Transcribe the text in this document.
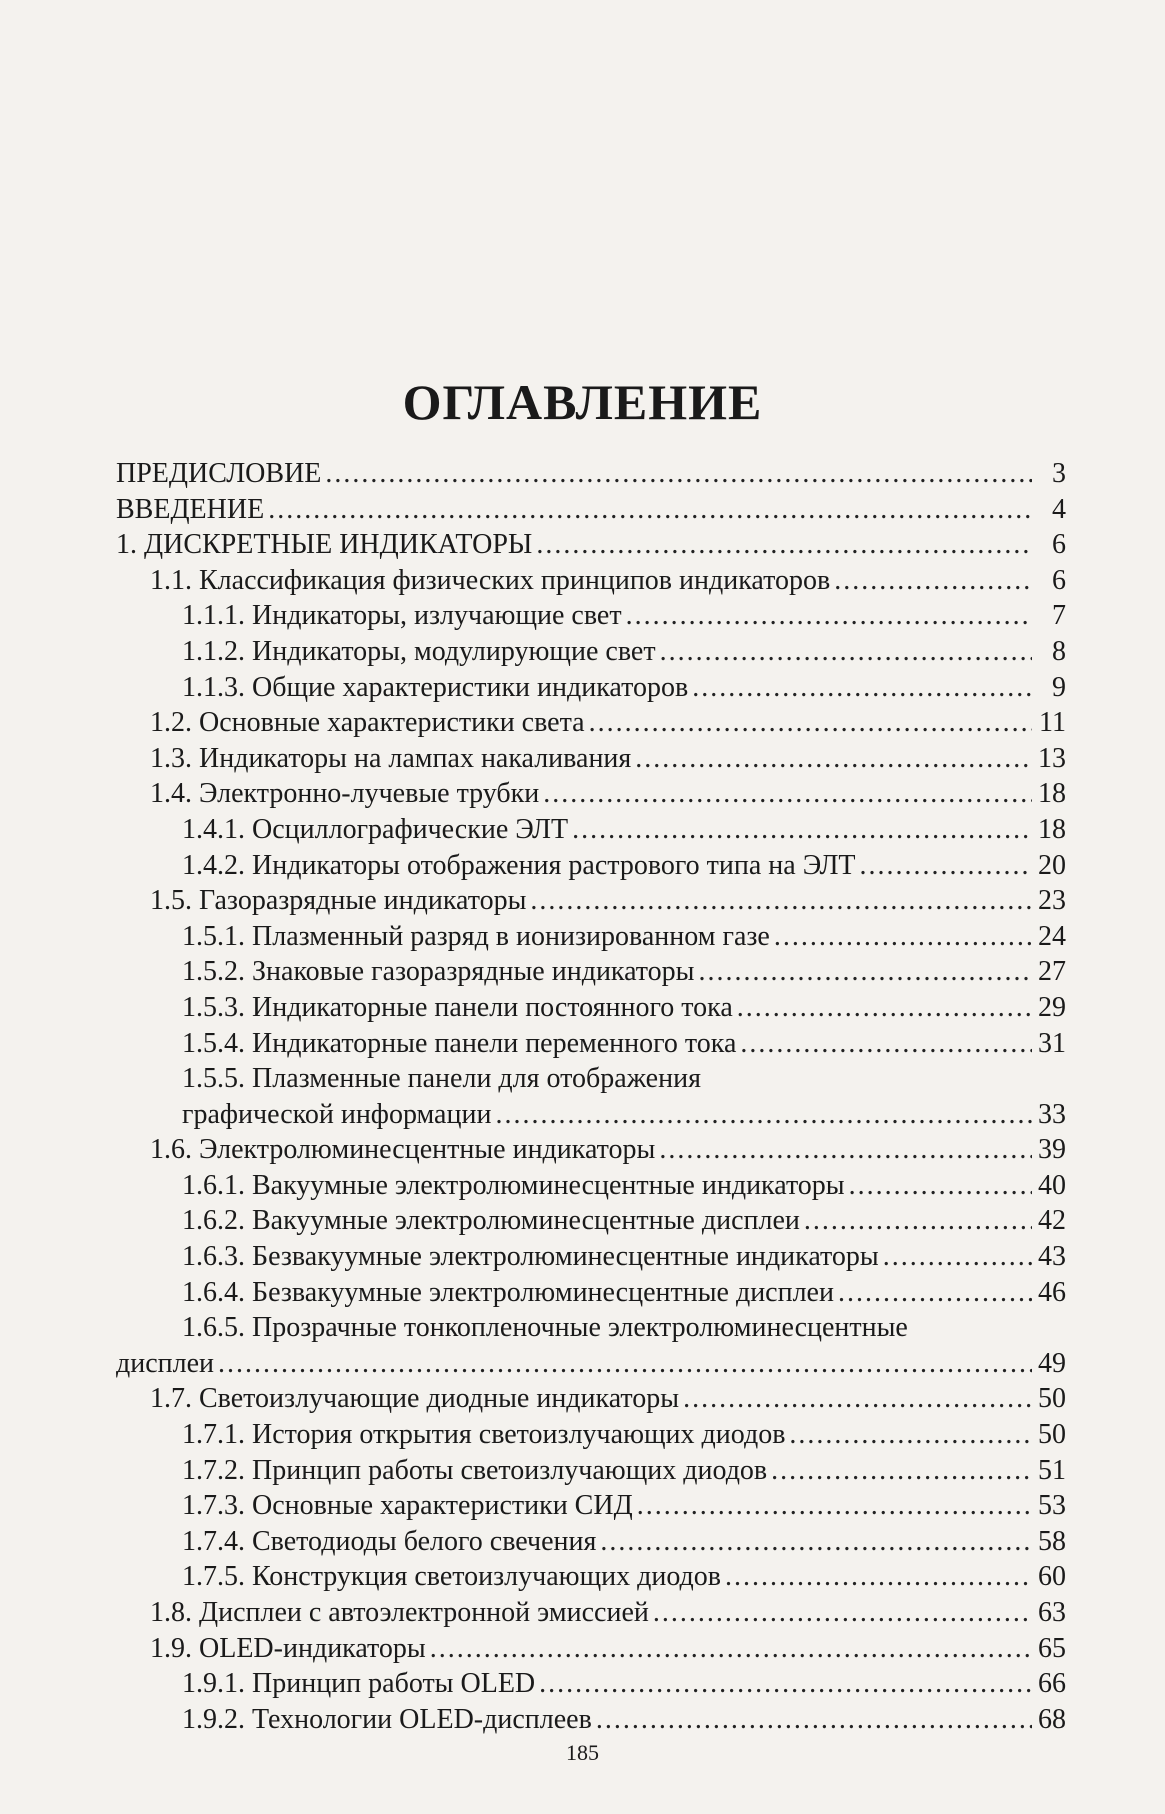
ОГЛАВЛЕНИЕ
ПРЕДИСЛОВИЕ .....	3
ВВЕДЕНИЕ .....	4
1. ДИСКРЕТНЫЕ ИНДИКАТОРЫ .....	6
1.1. Классификация физических принципов индикаторов .....	6
1.1.1. Индикаторы, излучающие свет .....	7
1.1.2. Индикаторы, модулирующие свет .....	8
1.1.3. Общие характеристики индикаторов .....	9
1.2. Основные характеристики света .....	11
1.3. Индикаторы на лампах накаливания .....	13
1.4. Электронно-лучевые трубки .....	18
1.4.1. Осциллографические ЭЛТ .....	18
1.4.2. Индикаторы отображения растрового типа на ЭЛТ .....	20
1.5. Газоразрядные индикаторы .....	23
1.5.1. Плазменный разряд в ионизированном газе .....	24
1.5.2. Знаковые газоразрядные индикаторы .....	27
1.5.3. Индикаторные панели постоянного тока .....	29
1.5.4. Индикаторные панели переменного тока .....	31
1.5.5. Плазменные панели для отображения
графической информации .....	33
1.6. Электролюминесцентные индикаторы .....	39
1.6.1. Вакуумные электролюминесцентные индикаторы .....	40
1.6.2. Вакуумные электролюминесцентные дисплеи .....	42
1.6.3. Безвакуумные электролюминесцентные индикаторы .....	43
1.6.4. Безвакуумные электролюминесцентные дисплеи .....	46
1.6.5. Прозрачные тонкопленочные электролюминесцентные
дисплеи .....	49
1.7. Светоизлучающие диодные индикаторы .....	50
1.7.1. История открытия светоизлучающих диодов .....	50
1.7.2. Принцип работы светоизлучающих диодов .....	51
1.7.3. Основные характеристики СИД .....	53
1.7.4. Светодиоды белого свечения .....	58
1.7.5. Конструкция светоизлучающих диодов .....	60
1.8. Дисплеи с автоэлектронной эмиссией .....	63
1.9. OLED-индикаторы .....	65
1.9.1. Принцип работы OLED .....	66
1.9.2. Технологии OLED-дисплеев .....	68
185
